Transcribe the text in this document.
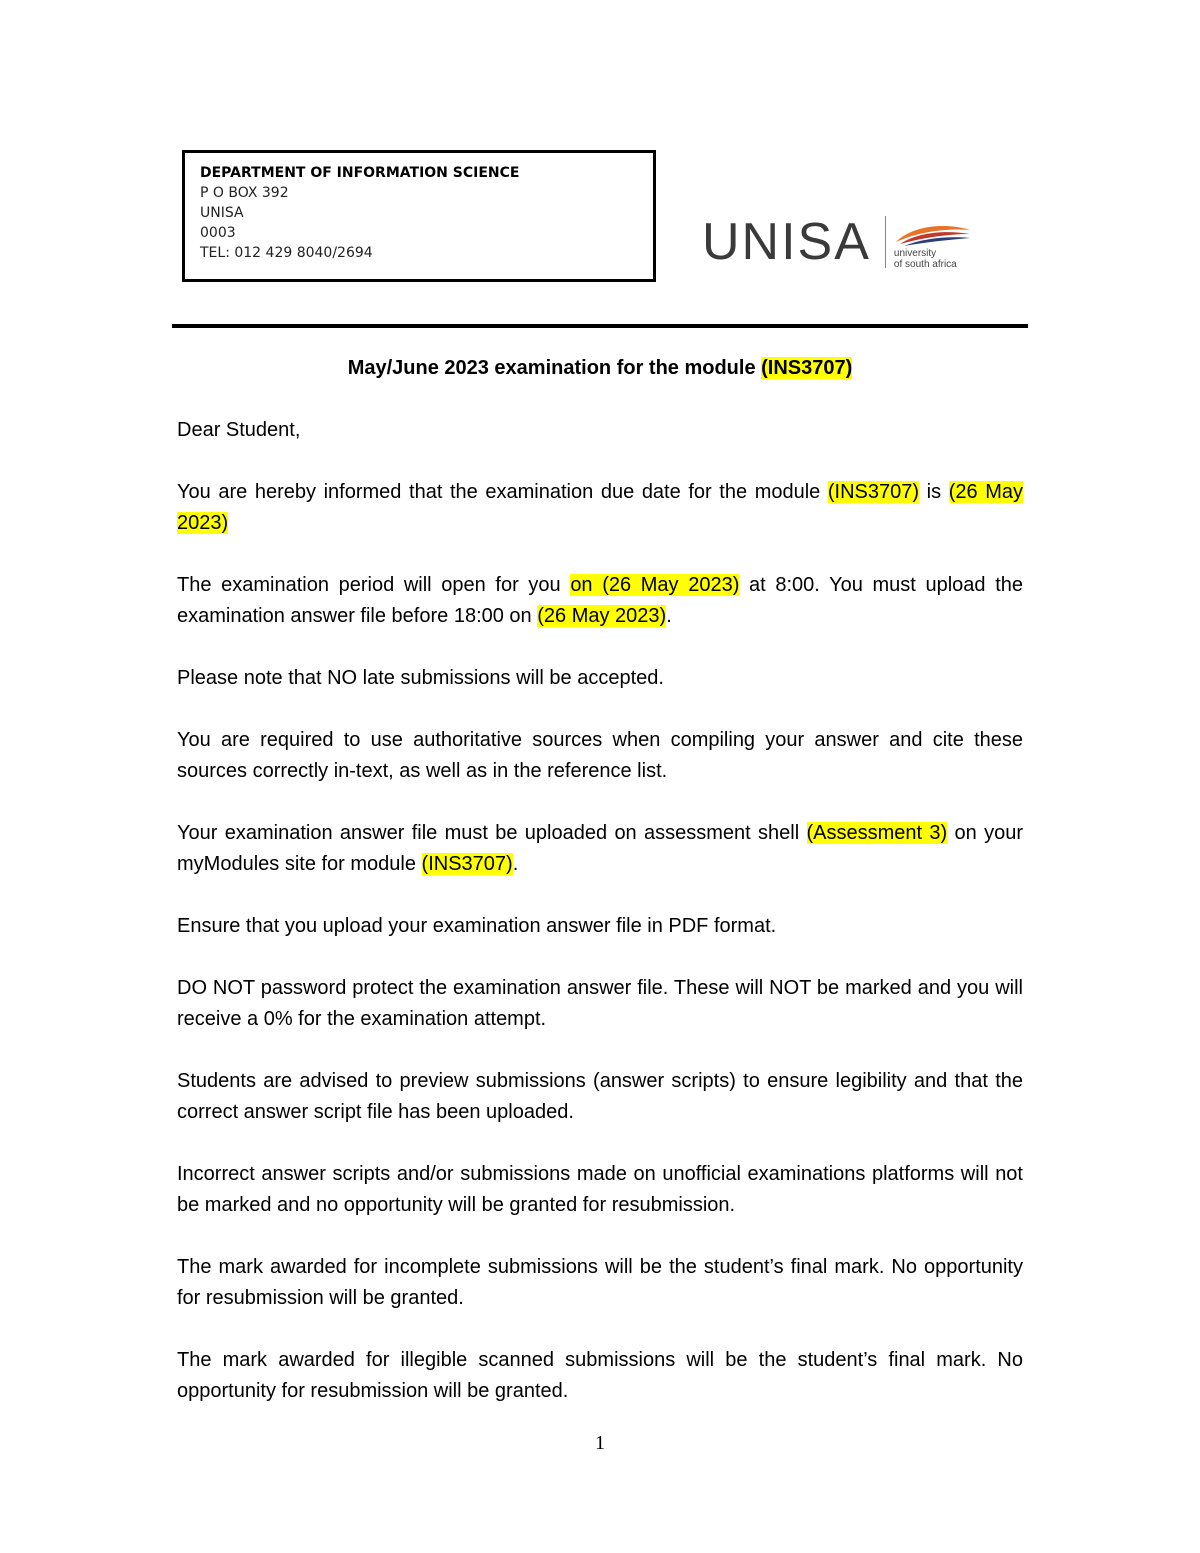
DEPARTMENT OF INFORMATION SCIENCE
P O BOX 392
UNISA
0003
TEL: 012 429 8040/2694	UNISA university
of south africa

May/June 2023 examination for the module (INS3707)

Dear Student,

You are hereby informed that the examination due date for the module (INS3707) is (26 May 2023)

The examination period will open for you on (26 May 2023) at 8:00. You must upload the examination answer file before 18:00 on (26 May 2023).

Please note that NO late submissions will be accepted.

You are required to use authoritative sources when compiling your answer and cite these sources correctly in-text, as well as in the reference list.

Your examination answer file must be uploaded on assessment shell (Assessment 3) on your myModules site for module (INS3707).

Ensure that you upload your examination answer file in PDF format.

DO NOT password protect the examination answer file. These will NOT be marked and you will receive a 0% for the examination attempt.

Students are advised to preview submissions (answer scripts) to ensure legibility and that the correct answer script file has been uploaded.

Incorrect answer scripts and/or submissions made on unofficial examinations platforms will not be marked and no opportunity will be granted for resubmission.

The mark awarded for incomplete submissions will be the student’s final mark. No opportunity for resubmission will be granted.

The mark awarded for illegible scanned submissions will be the student’s final mark. No opportunity for resubmission will be granted.

1
